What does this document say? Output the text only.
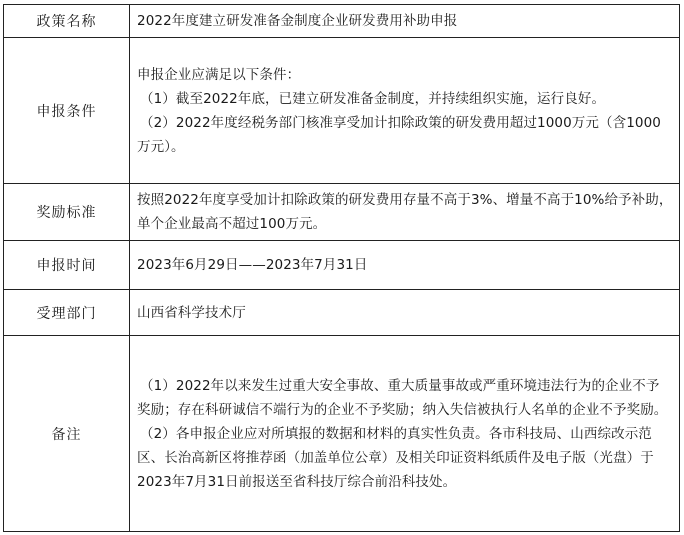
政策名称	2022年度建立研发准备金制度企业研发费用补助申报

申报条件	申报企业应满足以下条件：

（1）截至2022年底，已建立研发准备金制度，并持续组织实施，运行良好。

（2）2022年度经税务部门核准享受加计扣除政策的研发费用超过1000万元（含1000万元）。

奖励标准	按照2022年度享受加计扣除政策的研发费用存量不高于3%、增量不高于10%给予补助，单个企业最高不超过100万元。

申报时间	2023年6月29日——2023年7月31日

受理部门	山西省科学技术厅

备注	（1）2022年以来发生过重大安全事故、重大质量事故或严重环境违法行为的企业不予奖励；存在科研诚信不端行为的企业不予奖励；纳入失信被执行人名单的企业不予奖励。

（2）各申报企业应对所填报的数据和材料的真实性负责。各市科技局、山西综改示范区、长治高新区将推荐函（加盖单位公章）及相关印证资料纸质件及电子版（光盘）于2023年7月31日前报送至省科技厅综合前沿科技处。
